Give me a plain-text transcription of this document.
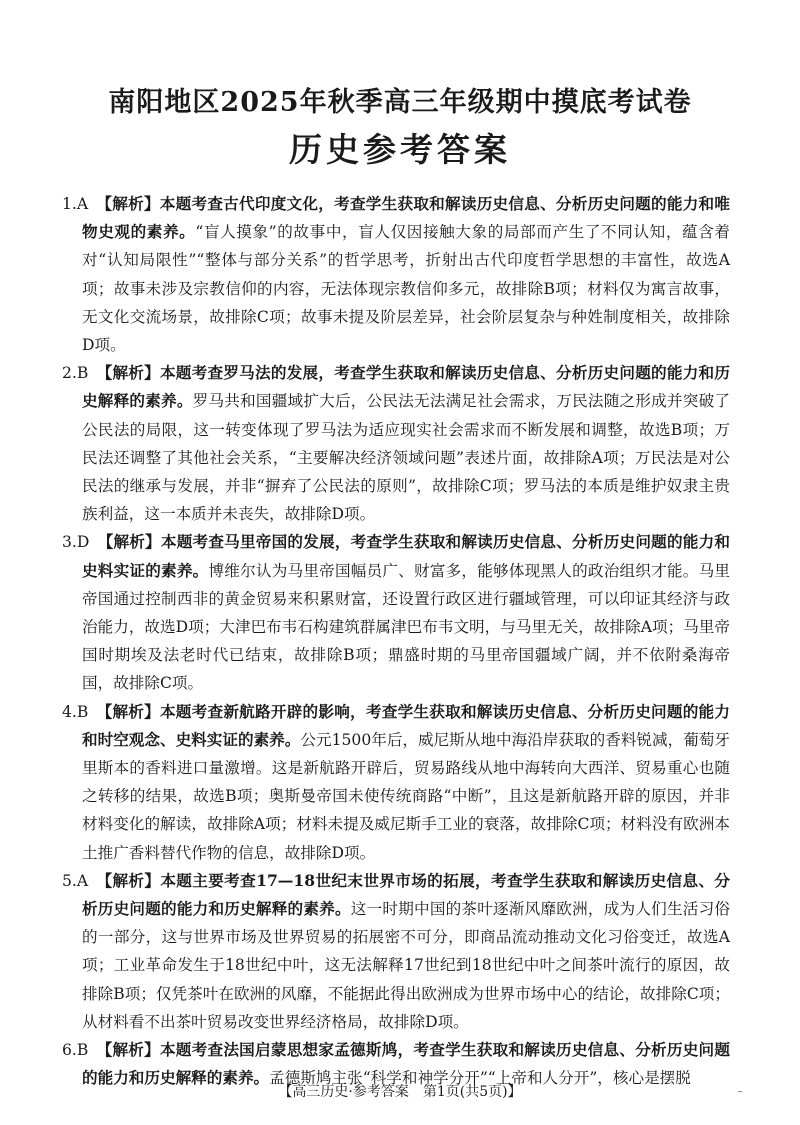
南阳地区2025年秋季高三年级期中摸底考试卷
历史参考答案

1.A 【解析】本题考查古代印度文化，考查学生获取和解读历史信息、分析历史问题的能力和唯物史观的素养。“盲人摸象”的故事中，盲人仅因接触大象的局部而产生了不同认知，蕴含着对“认知局限性”“整体与部分关系”的哲学思考，折射出古代印度哲学思想的丰富性，故选A项；故事未涉及宗教信仰的内容，无法体现宗教信仰多元，故排除B项；材料仅为寓言故事，无文化交流场景，故排除C项；故事未提及阶层差异，社会阶层复杂与种姓制度相关，故排除D项。

2.B 【解析】本题考查罗马法的发展，考查学生获取和解读历史信息、分析历史问题的能力和历史解释的素养。罗马共和国疆域扩大后，公民法无法满足社会需求，万民法随之形成并突破了公民法的局限，这一转变体现了罗马法为适应现实社会需求而不断发展和调整，故选B项；万民法还调整了其他社会关系，“主要解决经济领域问题”表述片面，故排除A项；万民法是对公民法的继承与发展，并非“摒弃了公民法的原则”，故排除C项；罗马法的本质是维护奴隶主贵族利益，这一本质并未丧失，故排除D项。

3.D 【解析】本题考查马里帝国的发展，考查学生获取和解读历史信息、分析历史问题的能力和史料实证的素养。博维尔认为马里帝国幅员广、财富多，能够体现黑人的政治组织才能。马里帝国通过控制西非的黄金贸易来积累财富，还设置行政区进行疆域管理，可以印证其经济与政治能力，故选D项；大津巴布韦石构建筑群属津巴布韦文明，与马里无关，故排除A项；马里帝国时期埃及法老时代已结束，故排除B项；鼎盛时期的马里帝国疆域广阔，并不依附桑海帝国，故排除C项。

4.B 【解析】本题考查新航路开辟的影响，考查学生获取和解读历史信息、分析历史问题的能力和时空观念、史料实证的素养。公元1500年后，威尼斯从地中海沿岸获取的香料锐减，葡萄牙里斯本的香料进口量激增。这是新航路开辟后，贸易路线从地中海转向大西洋、贸易重心也随之转移的结果，故选B项；奥斯曼帝国未使传统商路“中断”，且这是新航路开辟的原因，并非材料变化的解读，故排除A项；材料未提及威尼斯手工业的衰落，故排除C项；材料没有欧洲本土推广香料替代作物的信息，故排除D项。

5.A 【解析】本题主要考查17—18世纪末世界市场的拓展，考查学生获取和解读历史信息、分析历史问题的能力和历史解释的素养。这一时期中国的茶叶逐渐风靡欧洲，成为人们生活习俗的一部分，这与世界市场及世界贸易的拓展密不可分，即商品流动推动文化习俗变迁，故选A项；工业革命发生于18世纪中叶，这无法解释17世纪到18世纪中叶之间茶叶流行的原因，故排除B项；仅凭茶叶在欧洲的风靡，不能据此得出欧洲成为世界市场中心的结论，故排除C项；从材料看不出茶叶贸易改变世界经济格局，故排除D项。

6.B 【解析】本题考查法国启蒙思想家孟德斯鸠，考查学生获取和解读历史信息、分析历史问题的能力和历史解释的素养。孟德斯鸠主张“科学和神学分开”“上帝和人分开”，核心是摆脱

【高三历史·参考答案　第1页(共5页)】	₋
